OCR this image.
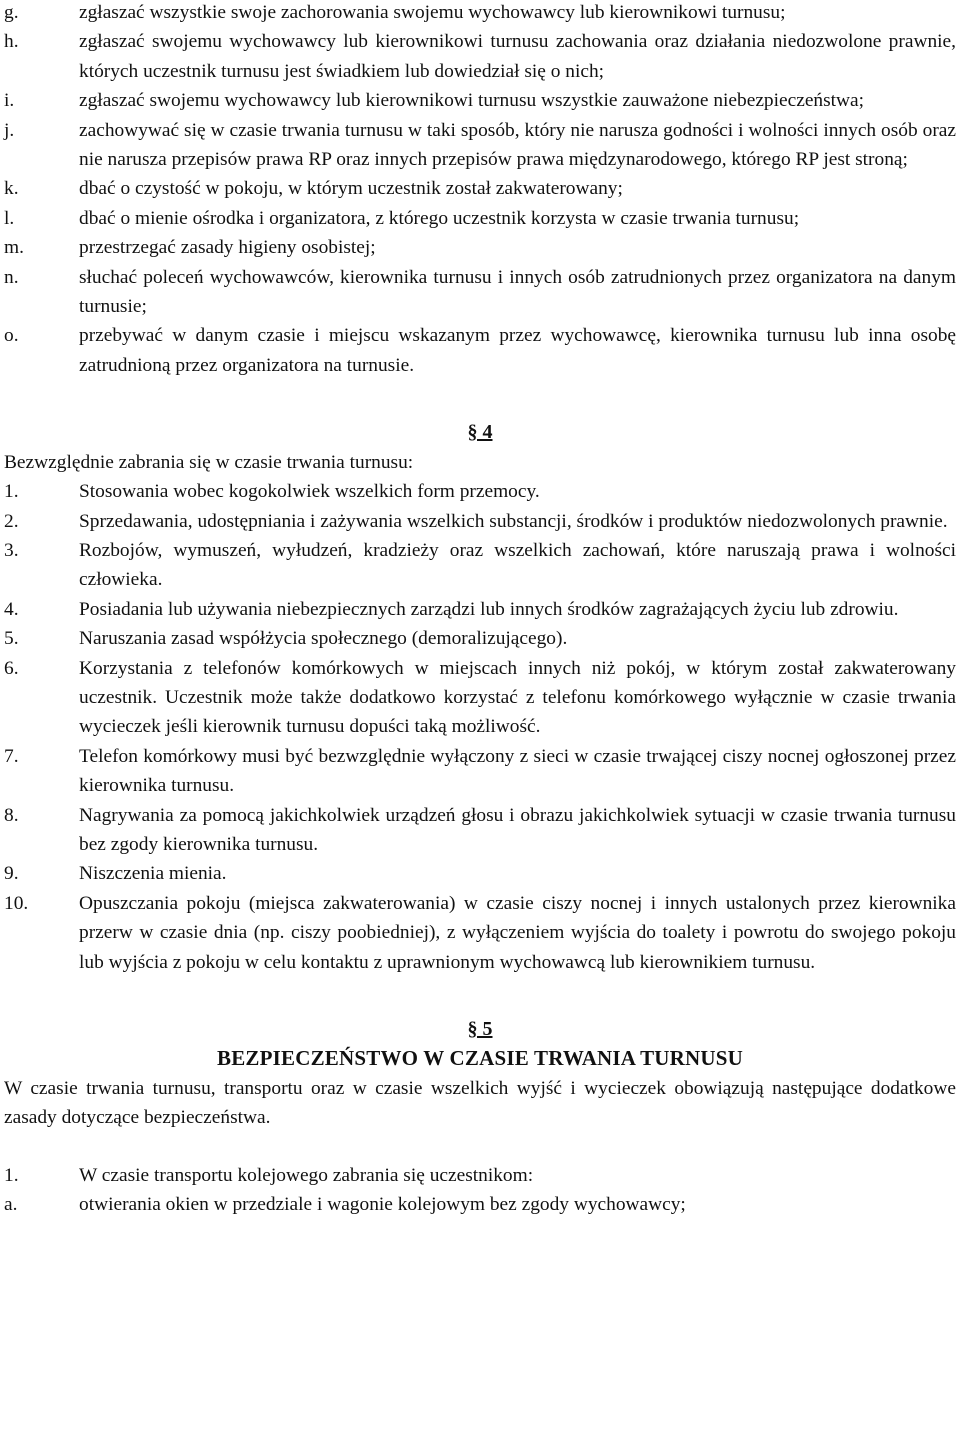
g.	zgłaszać wszystkie swoje zachorowania swojemu wychowawcy lub kierownikowi turnusu;
h.	zgłaszać swojemu wychowawcy lub kierownikowi turnusu zachowania oraz działania niedozwolone prawnie, których uczestnik turnusu jest świadkiem lub dowiedział się o nich;
i.	zgłaszać swojemu wychowawcy lub kierownikowi turnusu wszystkie zauważone niebezpieczeństwa;
j.	zachowywać się w czasie trwania turnusu w taki sposób, który nie narusza godności i wolności innych osób oraz nie narusza przepisów prawa RP oraz innych przepisów prawa międzynarodowego, którego RP jest stroną;
k.	dbać o czystość w pokoju, w którym uczestnik został zakwaterowany;
l.	dbać o mienie ośrodka i organizatora, z którego uczestnik korzysta w czasie trwania turnusu;
m.	przestrzegać zasady higieny osobistej;
n.	słuchać poleceń wychowawców, kierownika turnusu i innych osób zatrudnionych przez organizatora na danym turnusie;
o.	przebywać w danym czasie i miejscu wskazanym przez wychowawcę, kierownika turnusu lub inna osobę zatrudnioną przez organizatora na turnusie.
§ 4
Bezwzględnie zabrania się w czasie trwania turnusu:
1.	Stosowania wobec kogokolwiek wszelkich form przemocy.
2.	Sprzedawania, udostępniania i zażywania wszelkich substancji, środków i produktów niedozwolonych prawnie.
3.	Rozbojów, wymuszeń, wyłudzeń, kradzieży oraz wszelkich zachowań, które naruszają prawa i wolności człowieka.
4.	Posiadania lub używania niebezpiecznych zarządzi lub innych środków zagrażających życiu lub zdrowiu.
5.	Naruszania zasad współżycia społecznego (demoralizującego).
6.	Korzystania z telefonów komórkowych w miejscach innych niż pokój, w którym został zakwaterowany uczestnik. Uczestnik może także dodatkowo korzystać z telefonu komórkowego wyłącznie w czasie trwania wycieczek jeśli kierownik turnusu dopuści taką możliwość.
7.	Telefon komórkowy musi być bezwzględnie wyłączony z sieci w czasie trwającej ciszy nocnej ogłoszonej przez kierownika turnusu.
8.	Nagrywania za pomocą jakichkolwiek urządzeń głosu i obrazu jakichkolwiek sytuacji w czasie trwania turnusu bez zgody kierownika turnusu.
9.	Niszczenia mienia.
10.	Opuszczania pokoju (miejsca zakwaterowania) w czasie ciszy nocnej i innych ustalonych przez kierownika przerw w czasie dnia (np. ciszy poobiedniej), z wyłączeniem wyjścia do toalety i powrotu do swojego pokoju lub wyjścia z pokoju w celu kontaktu z uprawnionym wychowawcą lub kierownikiem turnusu.
§ 5
BEZPIECZEŃSTWO W CZASIE TRWANIA TURNUSU
W czasie trwania turnusu, transportu oraz w czasie wszelkich wyjść i wycieczek obowiązują następujące dodatkowe zasady dotyczące bezpieczeństwa.
1.	W czasie transportu kolejowego zabrania się uczestnikom:
a.	otwierania okien w przedziale i wagonie kolejowym bez zgody wychowawcy;
